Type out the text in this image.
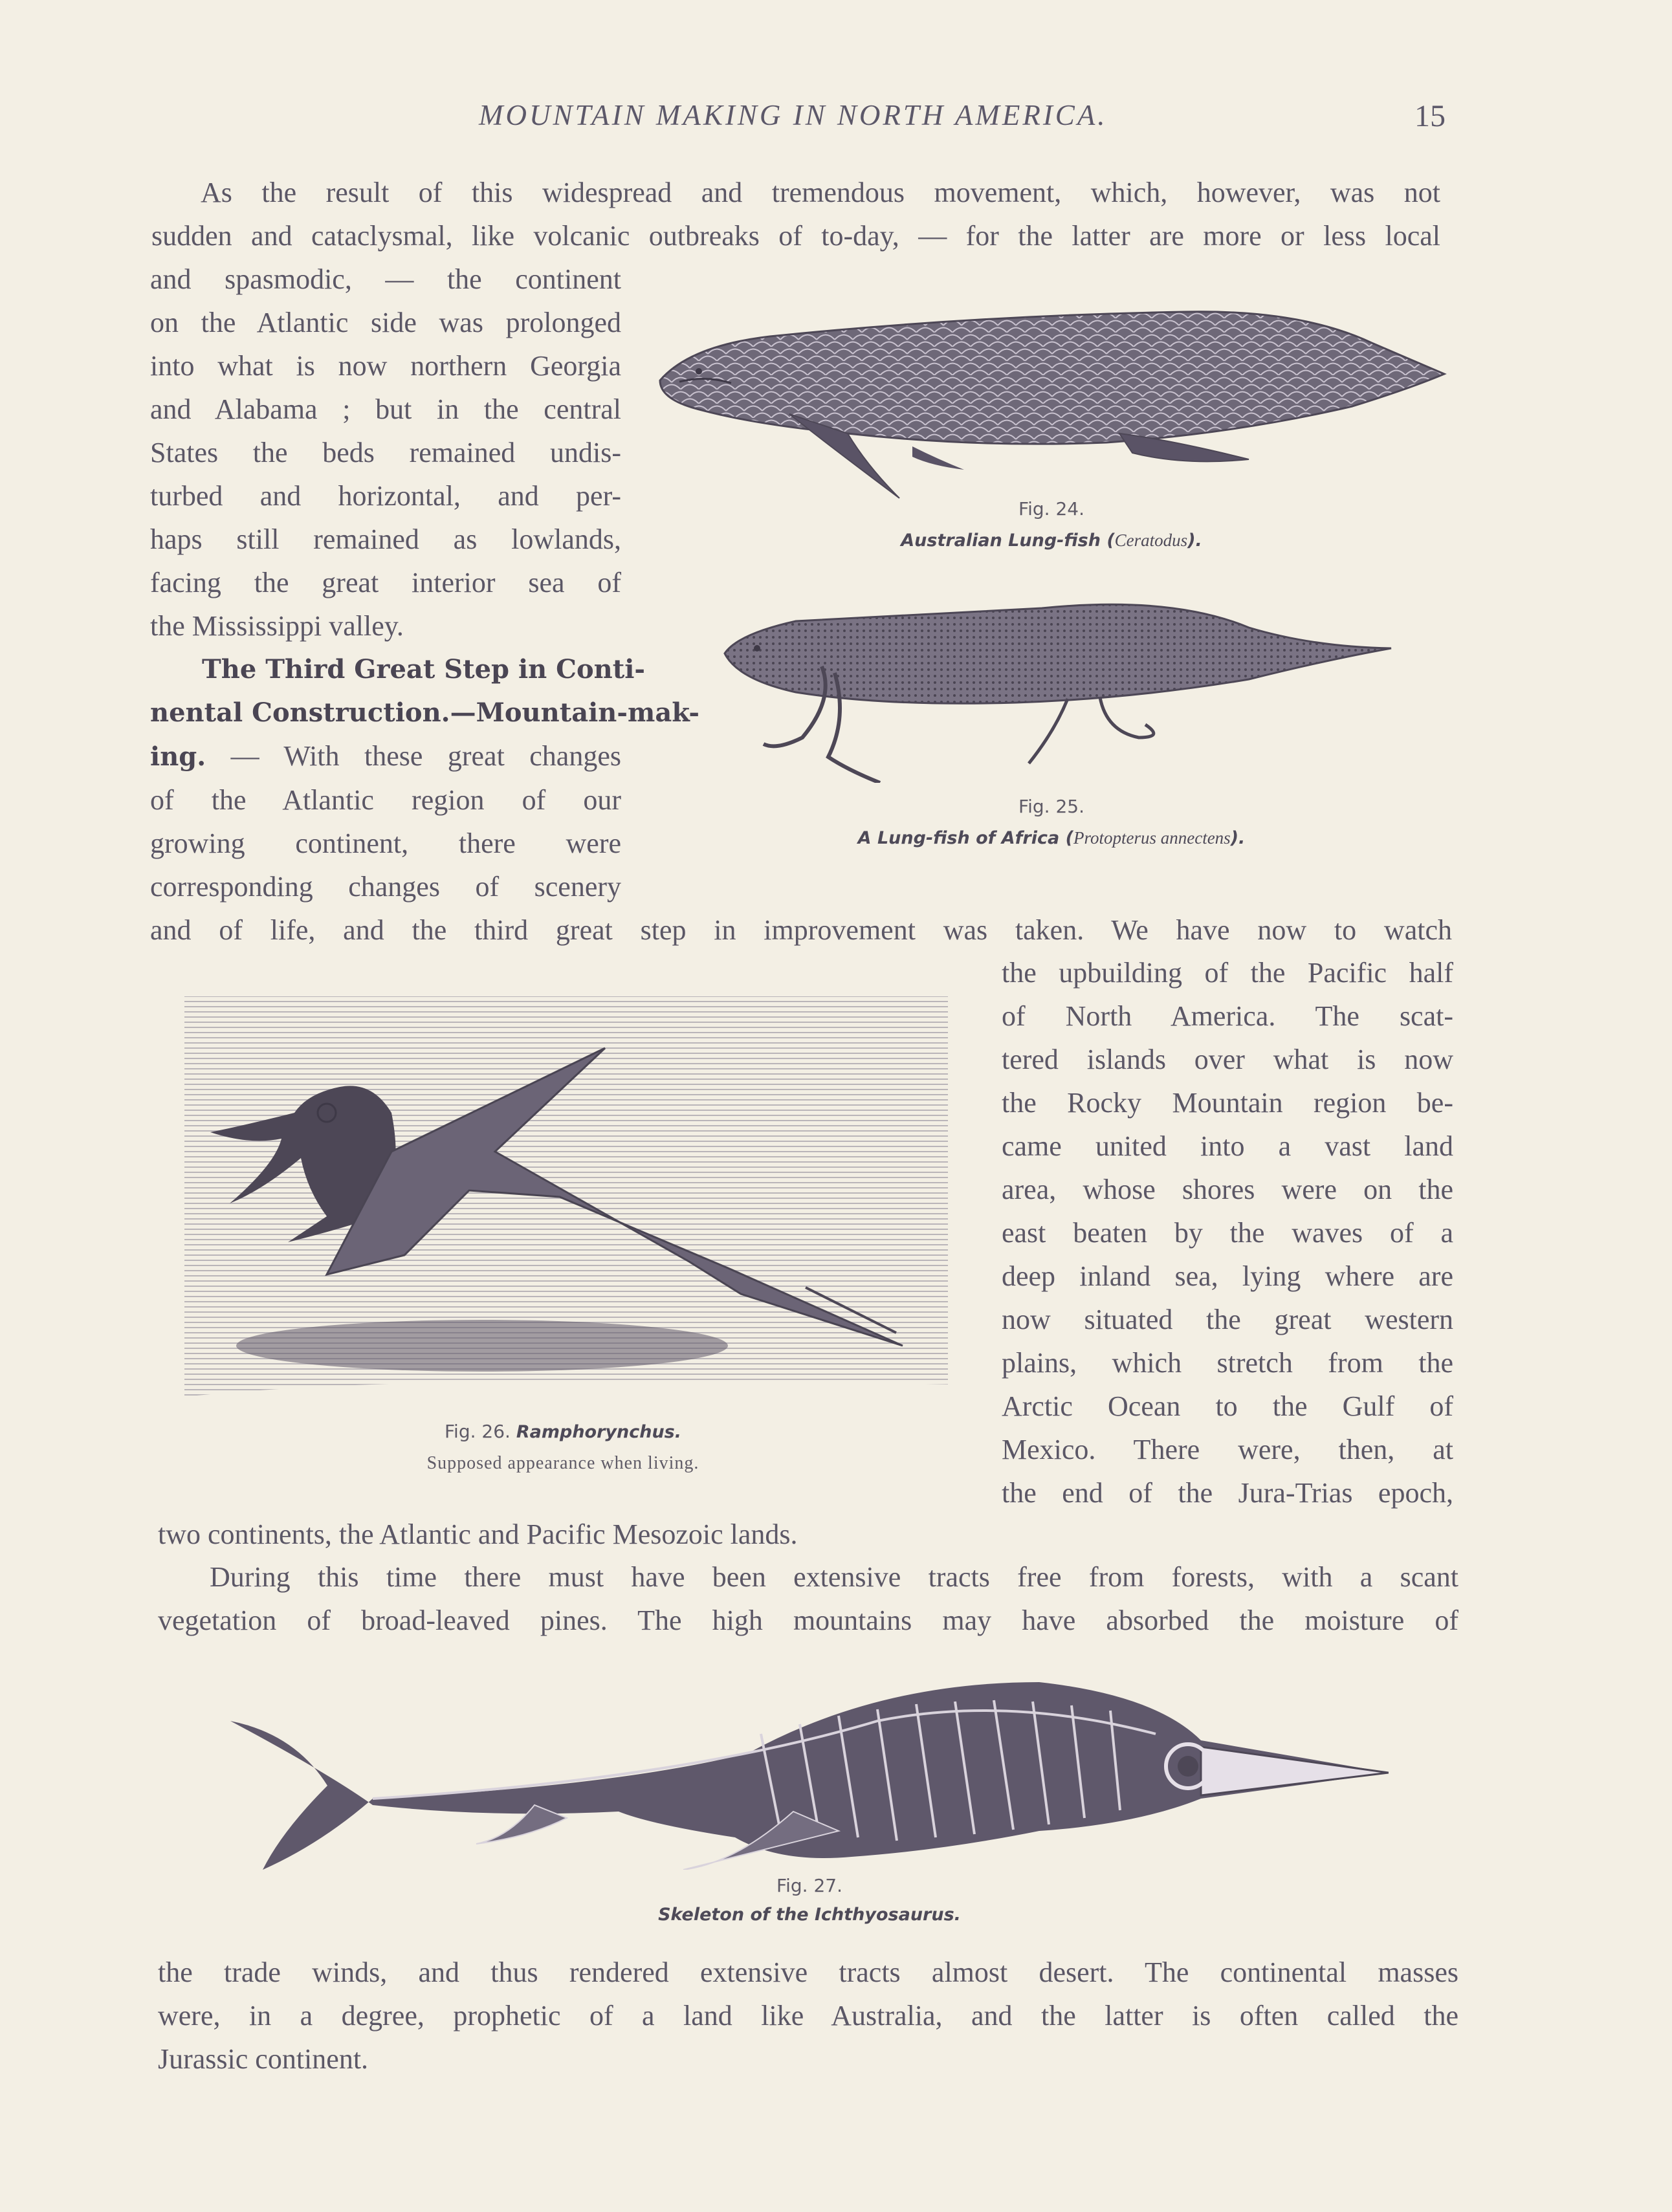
MOUNTAIN MAKING IN NORTH AMERICA.	15
As the result of this widespread and tremendous movement, which, however, was not
sudden and cataclysmal, like volcanic outbreaks of to-day, — for the latter are more or less local
and spasmodic, — the continent
on the Atlantic side was prolonged
into what is now northern Georgia
and Alabama ; but in the central
States the beds remained undis-
turbed and horizontal, and per-
haps still remained as lowlands,
facing the great interior sea of
the Mississippi valley.
The Third Great Step in Conti-
nental Construction.—Mountain-mak-
ing. — With these great changes
of the Atlantic region of our
growing continent, there were
corresponding changes of scenery
and of life, and the third great step in improvement was taken. We have now to watch
the upbuilding of the Pacific half
of North America. The scat-
tered islands over what is now
the Rocky Mountain region be-
came united into a vast land
area, whose shores were on the
east beaten by the waves of a
deep inland sea, lying where are
now situated the great western
plains, which stretch from the
Arctic Ocean to the Gulf of
Mexico. There were, then, at
the end of the Jura-Trias epoch,
two continents, the Atlantic and Pacific Mesozoic lands.
During this time there must have been extensive tracts free from forests, with a scant
vegetation of broad-leaved pines. The high mountains may have absorbed the moisture of
the trade winds, and thus rendered extensive tracts almost desert. The continental masses
were, in a degree, prophetic of a land like Australia, and the latter is often called the
Jurassic continent.
Fig. 24.
Australian Lung-fish (Ceratodus).
Fig. 25.
A Lung-fish of Africa (Protopterus annectens).
Fig. 26. Ramphorynchus.
Supposed appearance when living.
Fig. 27.
Skeleton of the Ichthyosaurus.
